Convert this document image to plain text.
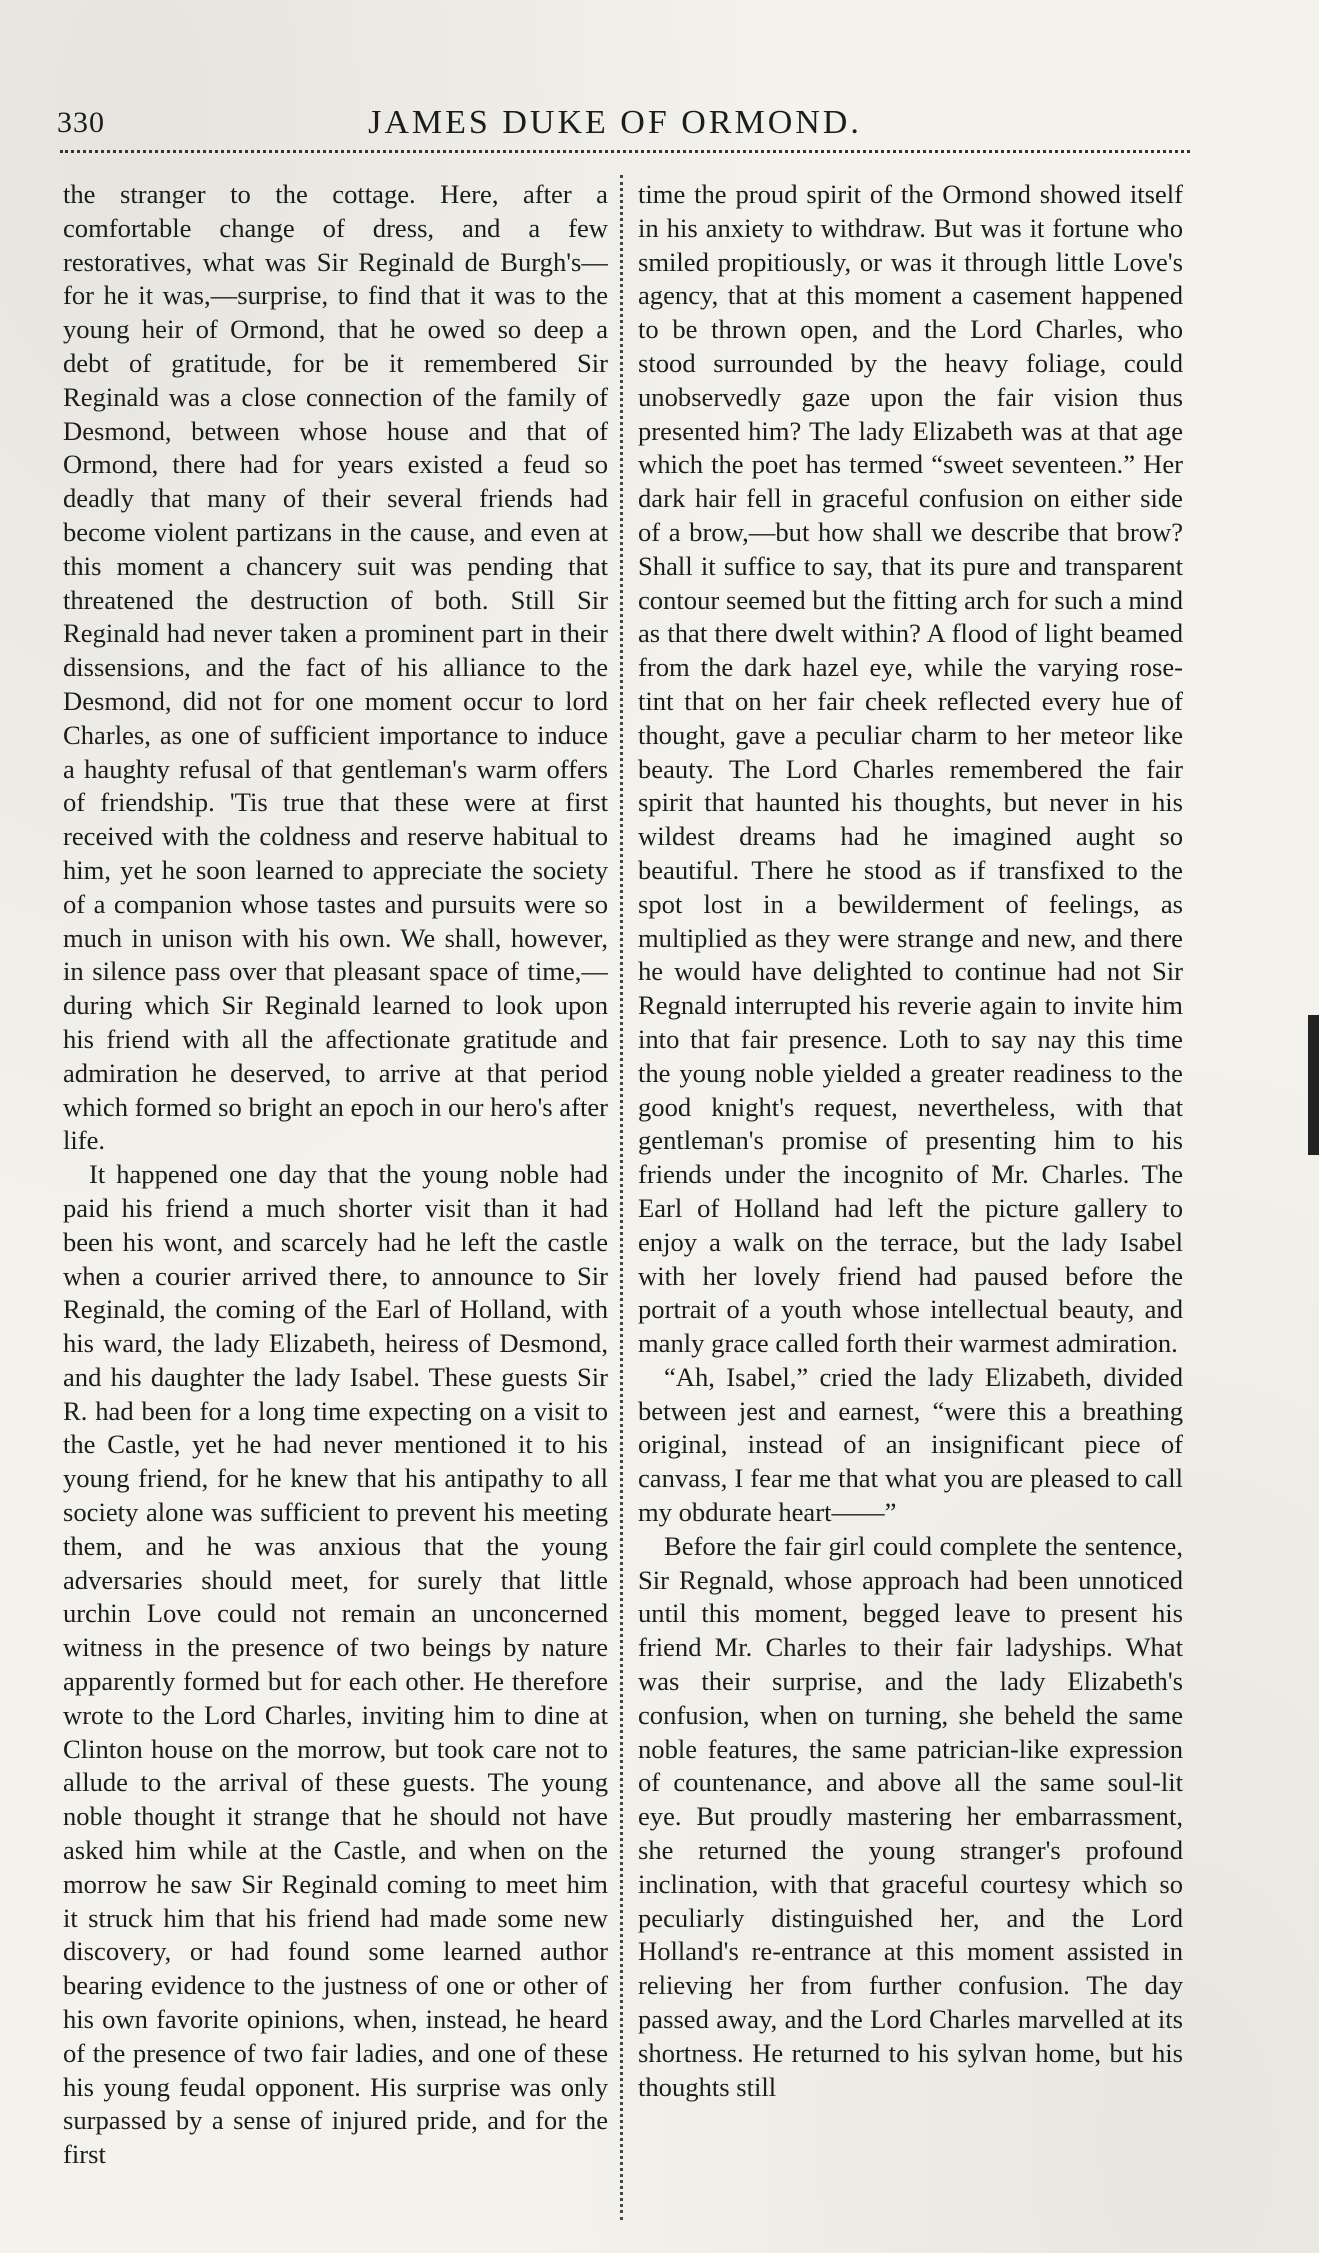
330	JAMES DUKE OF ORMOND.

the stranger to the cottage. Here, after a comfortable change of dress, and a few restoratives, what was Sir Reginald de Burgh's—for he it was,—surprise, to find that it was to the young heir of Ormond, that he owed so deep a debt of gratitude, for be it remembered Sir Reginald was a close connection of the family of Desmond, between whose house and that of Ormond, there had for years existed a feud so deadly that many of their several friends had become violent partizans in the cause, and even at this moment a chancery suit was pending that threatened the destruction of both. Still Sir Reginald had never taken a prominent part in their dissensions, and the fact of his alliance to the Desmond, did not for one moment occur to lord Charles, as one of sufficient importance to induce a haughty refusal of that gentleman's warm offers of friendship. 'Tis true that these were at first received with the coldness and reserve habitual to him, yet he soon learned to appreciate the society of a companion whose tastes and pursuits were so much in unison with his own. We shall, however, in silence pass over that pleasant space of time,—during which Sir Reginald learned to look upon his friend with all the affectionate gratitude and admiration he deserved, to arrive at that period which formed so bright an epoch in our hero's after life.

It happened one day that the young noble had paid his friend a much shorter visit than it had been his wont, and scarcely had he left the castle when a courier arrived there, to announce to Sir Reginald, the coming of the Earl of Holland, with his ward, the lady Elizabeth, heiress of Desmond, and his daughter the lady Isabel. These guests Sir R. had been for a long time expecting on a visit to the Castle, yet he had never mentioned it to his young friend, for he knew that his antipathy to all society alone was sufficient to prevent his meeting them, and he was anxious that the young adversaries should meet, for surely that little urchin Love could not remain an unconcerned witness in the presence of two beings by nature apparently formed but for each other. He therefore wrote to the Lord Charles, inviting him to dine at Clinton house on the morrow, but took care not to allude to the arrival of these guests. The young noble thought it strange that he should not have asked him while at the Castle, and when on the morrow he saw Sir Reginald coming to meet him it struck him that his friend had made some new discovery, or had found some learned author bearing evidence to the justness of one or other of his own favorite opinions, when, instead, he heard of the presence of two fair ladies, and one of these his young feudal opponent. His surprise was only surpassed by a sense of injured pride, and for the first

time the proud spirit of the Ormond showed itself in his anxiety to withdraw. But was it fortune who smiled propitiously, or was it through little Love's agency, that at this moment a casement happened to be thrown open, and the Lord Charles, who stood surrounded by the heavy foliage, could unobservedly gaze upon the fair vision thus presented him? The lady Elizabeth was at that age which the poet has termed “sweet seventeen.” Her dark hair fell in graceful confusion on either side of a brow,—but how shall we describe that brow? Shall it suffice to say, that its pure and transparent contour seemed but the fitting arch for such a mind as that there dwelt within? A flood of light beamed from the dark hazel eye, while the varying rose-tint that on her fair cheek reflected every hue of thought, gave a peculiar charm to her meteor like beauty. The Lord Charles remembered the fair spirit that haunted his thoughts, but never in his wildest dreams had he imagined aught so beautiful. There he stood as if transfixed to the spot lost in a bewilderment of feelings, as multiplied as they were strange and new, and there he would have delighted to continue had not Sir Regnald interrupted his reverie again to invite him into that fair presence. Loth to say nay this time the young noble yielded a greater readiness to the good knight's request, nevertheless, with that gentleman's promise of presenting him to his friends under the incognito of Mr. Charles. The Earl of Holland had left the picture gallery to enjoy a walk on the terrace, but the lady Isabel with her lovely friend had paused before the portrait of a youth whose intellectual beauty, and manly grace called forth their warmest admiration.

“Ah, Isabel,” cried the lady Elizabeth, divided between jest and earnest, “were this a breathing original, instead of an insignificant piece of canvass, I fear me that what you are pleased to call my obdurate heart——”

Before the fair girl could complete the sentence, Sir Regnald, whose approach had been unnoticed until this moment, begged leave to present his friend Mr. Charles to their fair ladyships. What was their surprise, and the lady Elizabeth's confusion, when on turning, she beheld the same noble features, the same patrician-like expression of countenance, and above all the same soul-lit eye. But proudly mastering her embarrassment, she returned the young stranger's profound inclination, with that graceful courtesy which so peculiarly distinguished her, and the Lord Holland's re-entrance at this moment assisted in relieving her from further confusion. The day passed away, and the Lord Charles marvelled at its shortness. He returned to his sylvan home, but his thoughts still
